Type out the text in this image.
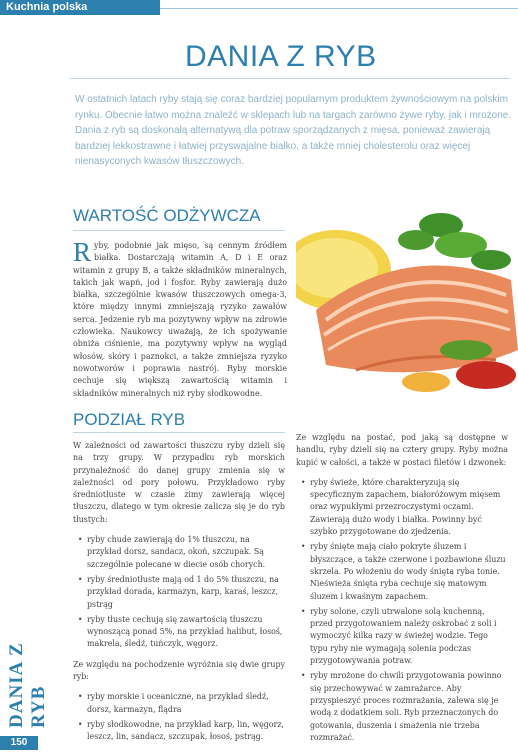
Kuchnia polska
DANIA Z RYB
W ostatnich latach ryby stają się coraz bardziej popularnym produktem żywnościowym na polskim rynku. Obecnie łatwo można znaleźć w sklepach lub na targach zarówno żywe ryby, jak i mrożone. Dania z ryb są doskonałą alternatywą dla potraw sporządzanych z mięsa, ponieważ zawierają bardziej lekkostrawne i łatwiej przyswajalne białko, a także mniej cholesterolu oraz więcej nienasyconych kwasów tłuszczowych.
WARTOŚĆ ODŻYWCZA

Ryby, podobnie jak mięso, są cennym źródłem białka. Dostarczają witamin A, D i E oraz witamin z grupy B, a także składników mineralnych, takich jak wapń, jod i fosfor. Ryby zawierają dużo białka, szczególnie kwasów tłuszczowych omega-3, które między innymi zmniejszają ryzyko zawałów serca. Jedzenie ryb ma pozytywny wpływ na zdrowie człowieka. Naukowcy uważają, że ich spożywanie obniża ciśnienie, ma pozytywny wpływ na wygląd włosów, skóry i paznokci, a także zmniejsza ryzyko nowotworów i poprawia nastrój. Ryby morskie cechuje się większą zawartością witamin i składników mineralnych niż ryby słodkowodne.

PODZIAŁ RYB

W zależności od zawartości tłuszczu ryby dzieli się na trzy grupy. W przypadku ryb morskich przynależność do danej grupy zmienia się w zależności od pory połowu. Przykładowo ryby średniotłuste w czasie zimy zawierają więcej tłuszczu, dlatego w tym okresie zalicza się je do ryb tłustych:

• ryby chude zawierają do 1% tłuszczu, na przykład dorsz, sandacz, okoń, szczupak. Są szczególnie polecane w diecie osób chorych.
• ryby średniotłuste mają od 1 do 5% tłuszczu, na przykład dorada, karmazyn, karp, karaś, leszcz, pstrąg
• ryby tłuste cechują się zawartością tłuszczu wynoszącą ponad 5%, na przykład halibut, łosoś, makrela, śledź, tuńczyk, węgorz.

Ze względu na pochodzenie wyróżnia się dwie grupy ryb:

• ryby morskie i oceaniczne, na przykład śledź, dorsz, karmazyn, flądra
• ryby słodkowodne, na przykład karp, lin, węgorz, leszcz, lin, sandacz, szczupak, łosoś, pstrąg.

Ze względu na postać, pod jaką są dostępne w handlu, ryby dzieli się na cztery grupy. Ryby można kupić w całości, a także w postaci filetów i dzwonek:

• ryby świeże, które charakteryzują się specyficznym zapachem, białoróżowym mięsem oraz wypukłymi przezroczystymi oczami. Zawierają dużo wody i białka. Powinny być szybko przygotowane do zjedzenia.
• ryby śnięte mają ciało pokryte śluzem i błyszczące, a także czerwone i pozbawione śluzu skrzela. Po włożeniu do wody śnięta ryba tonie. Nieświeża śnięta ryba cechuje się matowym śluzem i kwaśnym zapachem.
• ryby solone, czyli utrwalone solą kuchenną, przed przygotowaniem należy oskrobać z soli i wymoczyć kilka razy w świeżej wodzie. Tego typu ryby nie wymagają solenia podczas przygotowywania potraw.
• ryby mrożone do chwili przygotowania powinno się przechowywać w zamrażarce. Aby przyspieszyć proces rozmrażania, zalewa się je wodą z dodatkiem soli. Ryb przeznaczonych do gotowania, duszenia i smażenia nie trzeba rozmrażać.
DANIA Z RYB
150
